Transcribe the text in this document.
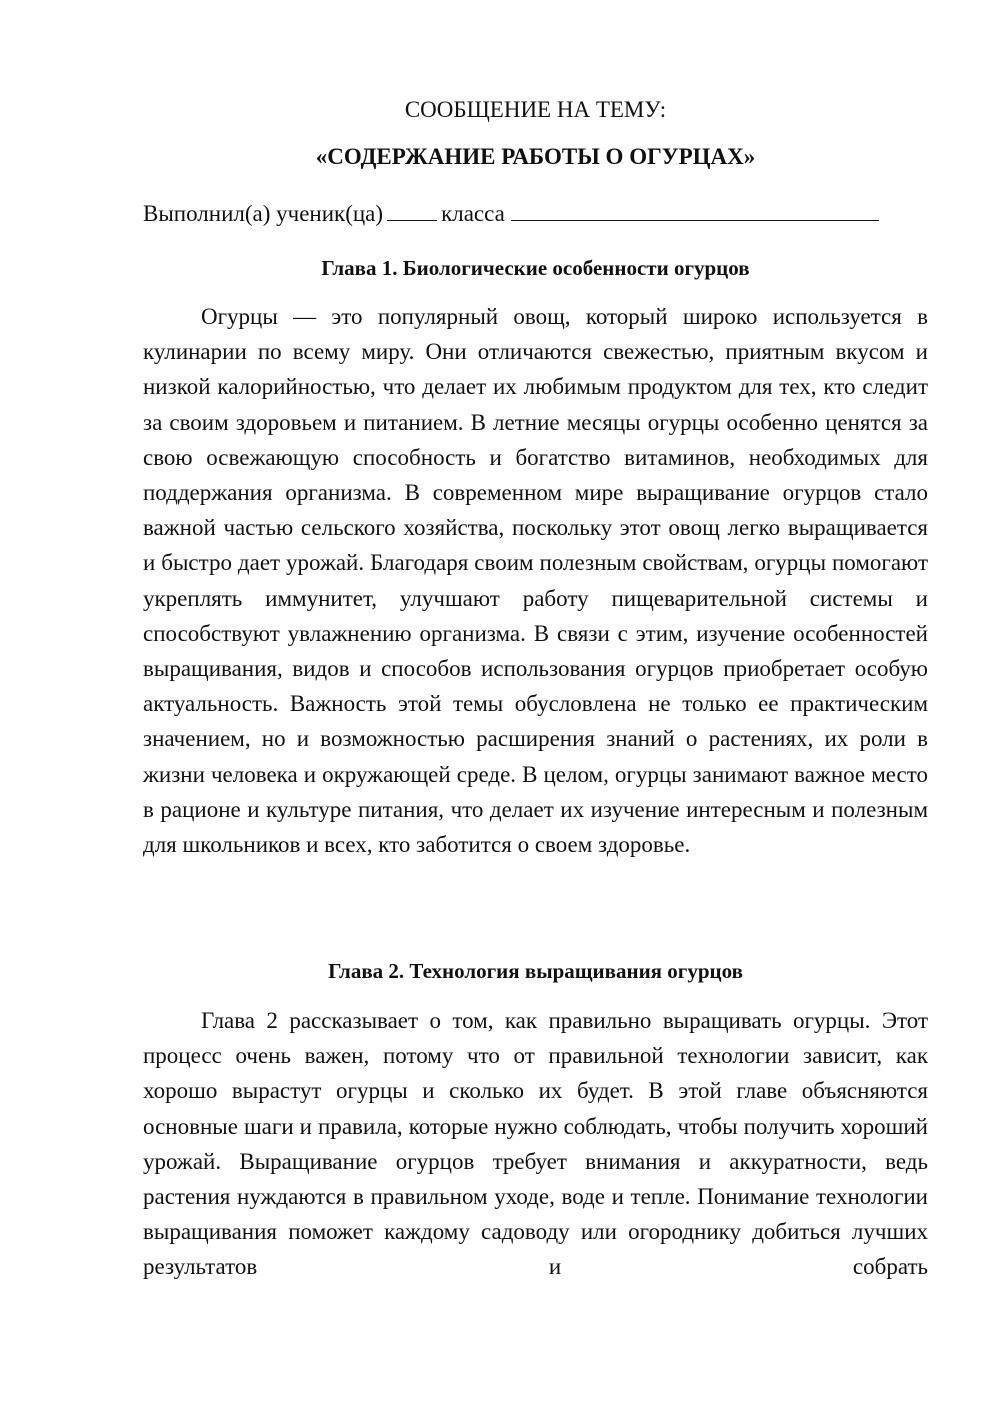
СООБЩЕНИЕ НА ТЕМУ:
«СОДЕРЖАНИЕ РАБОТЫ О ОГУРЦАХ»
Выполнил(а) ученик(ца)	класса
Глава 1. Биологические особенности огурцов

Огурцы — это популярный овощ, который широко используется в кулинарии по всему миру. Они отличаются свежестью, приятным вкусом и низкой калорийностью, что делает их любимым продуктом для тех, кто следит за своим здоровьем и питанием. В летние месяцы огурцы особенно ценятся за свою освежающую способность и богатство витаминов, необходимых для поддержания организма. В современном мире выращивание огурцов стало важной частью сельского хозяйства, поскольку этот овощ легко выращивается и быстро дает урожай. Благодаря своим полезным свойствам, огурцы помогают укреплять иммунитет, улучшают работу пищеварительной системы и способствуют увлажнению организма. В связи с этим, изучение особенностей выращивания, видов и способов использования огурцов приобретает особую актуальность. Важность этой темы обусловлена не только ее практическим значением, но и возможностью расширения знаний о растениях, их роли в жизни человека и окружающей среде. В целом, огурцы занимают важное место в рационе и культуре питания, что делает их изучение интересным и полезным для школьников и всех, кто заботится о своем здоровье.

Глава 2. Технология выращивания огурцов

Глава 2 рассказывает о том, как правильно выращивать огурцы. Этот процесс очень важен, потому что от правильной технологии зависит, как хорошо вырастут огурцы и сколько их будет. В этой главе объясняются основные шаги и правила, которые нужно соблюдать, чтобы получить хороший урожай. Выращивание огурцов требует внимания и аккуратности, ведь растения нуждаются в правильном уходе, воде и тепле. Понимание технологии выращивания поможет каждому садоводу или огороднику добиться лучших результатов и собрать
